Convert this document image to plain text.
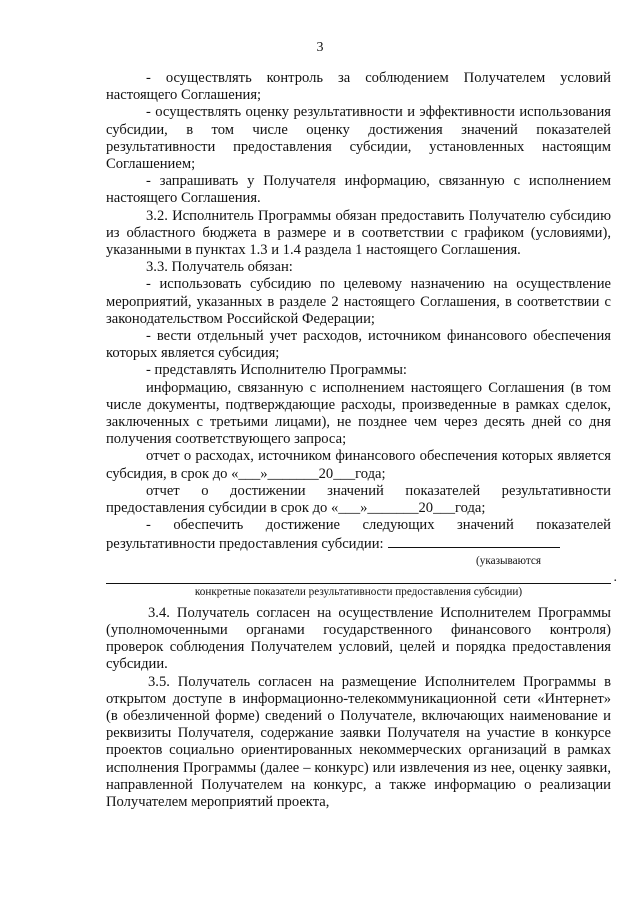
3

- осуществлять контроль за соблюдением Получателем условий настоящего Соглашения;

- осуществлять оценку результативности и эффективности использования субсидии, в том числе оценку достижения значений показателей результативности предоставления субсидии, установленных настоящим Соглашением;

- запрашивать у Получателя информацию, связанную с исполнением настоящего Соглашения.

3.2. Исполнитель Программы обязан предоставить Получателю субсидию из областного бюджета в размере и в соответствии с графиком (условиями), указанными в пунктах 1.3 и 1.4 раздела 1 настоящего Соглашения.

3.3. Получатель обязан:

- использовать субсидию по целевому назначению на осуществление мероприятий, указанных в разделе 2 настоящего Соглашения, в соответствии с законодательством Российской Федерации;

- вести отдельный учет расходов, источником финансового обеспечения которых является субсидия;

- представлять Исполнителю Программы:

информацию, связанную с исполнением настоящего Соглашения (в том числе документы, подтверждающие расходы, произведенные в рамках сделок, заключенных с третьими лицами), не позднее чем через десять дней со дня получения соответствующего запроса;

отчет о расходах, источником финансового обеспечения которых является субсидия, в срок до «___»_______20___года;

отчет о достижении значений показателей результативности предоставления субсидии в срок до «___»_______20___года;

- обеспечить достижение следующих значений показателей результативности предоставления субсидии:

(указываются

.

конкретные показатели результативности предоставления субсидии)

3.4. Получатель согласен на осуществление Исполнителем Программы (уполномоченными органами государственного финансового контроля) проверок соблюдения Получателем условий, целей и порядка предоставления субсидии.

3.5. Получатель согласен на размещение Исполнителем Программы в открытом доступе в информационно-телекоммуникационной сети «Интернет» (в обезличенной форме) сведений о Получателе, включающих наименование и реквизиты Получателя, содержание заявки Получателя на участие в конкурсе проектов социально ориентированных некоммерческих организаций в рамках исполнения Программы (далее – конкурс) или извлечения из нее, оценку заявки, направленной Получателем на конкурс, а также информацию о реализации Получателем мероприятий проекта,
